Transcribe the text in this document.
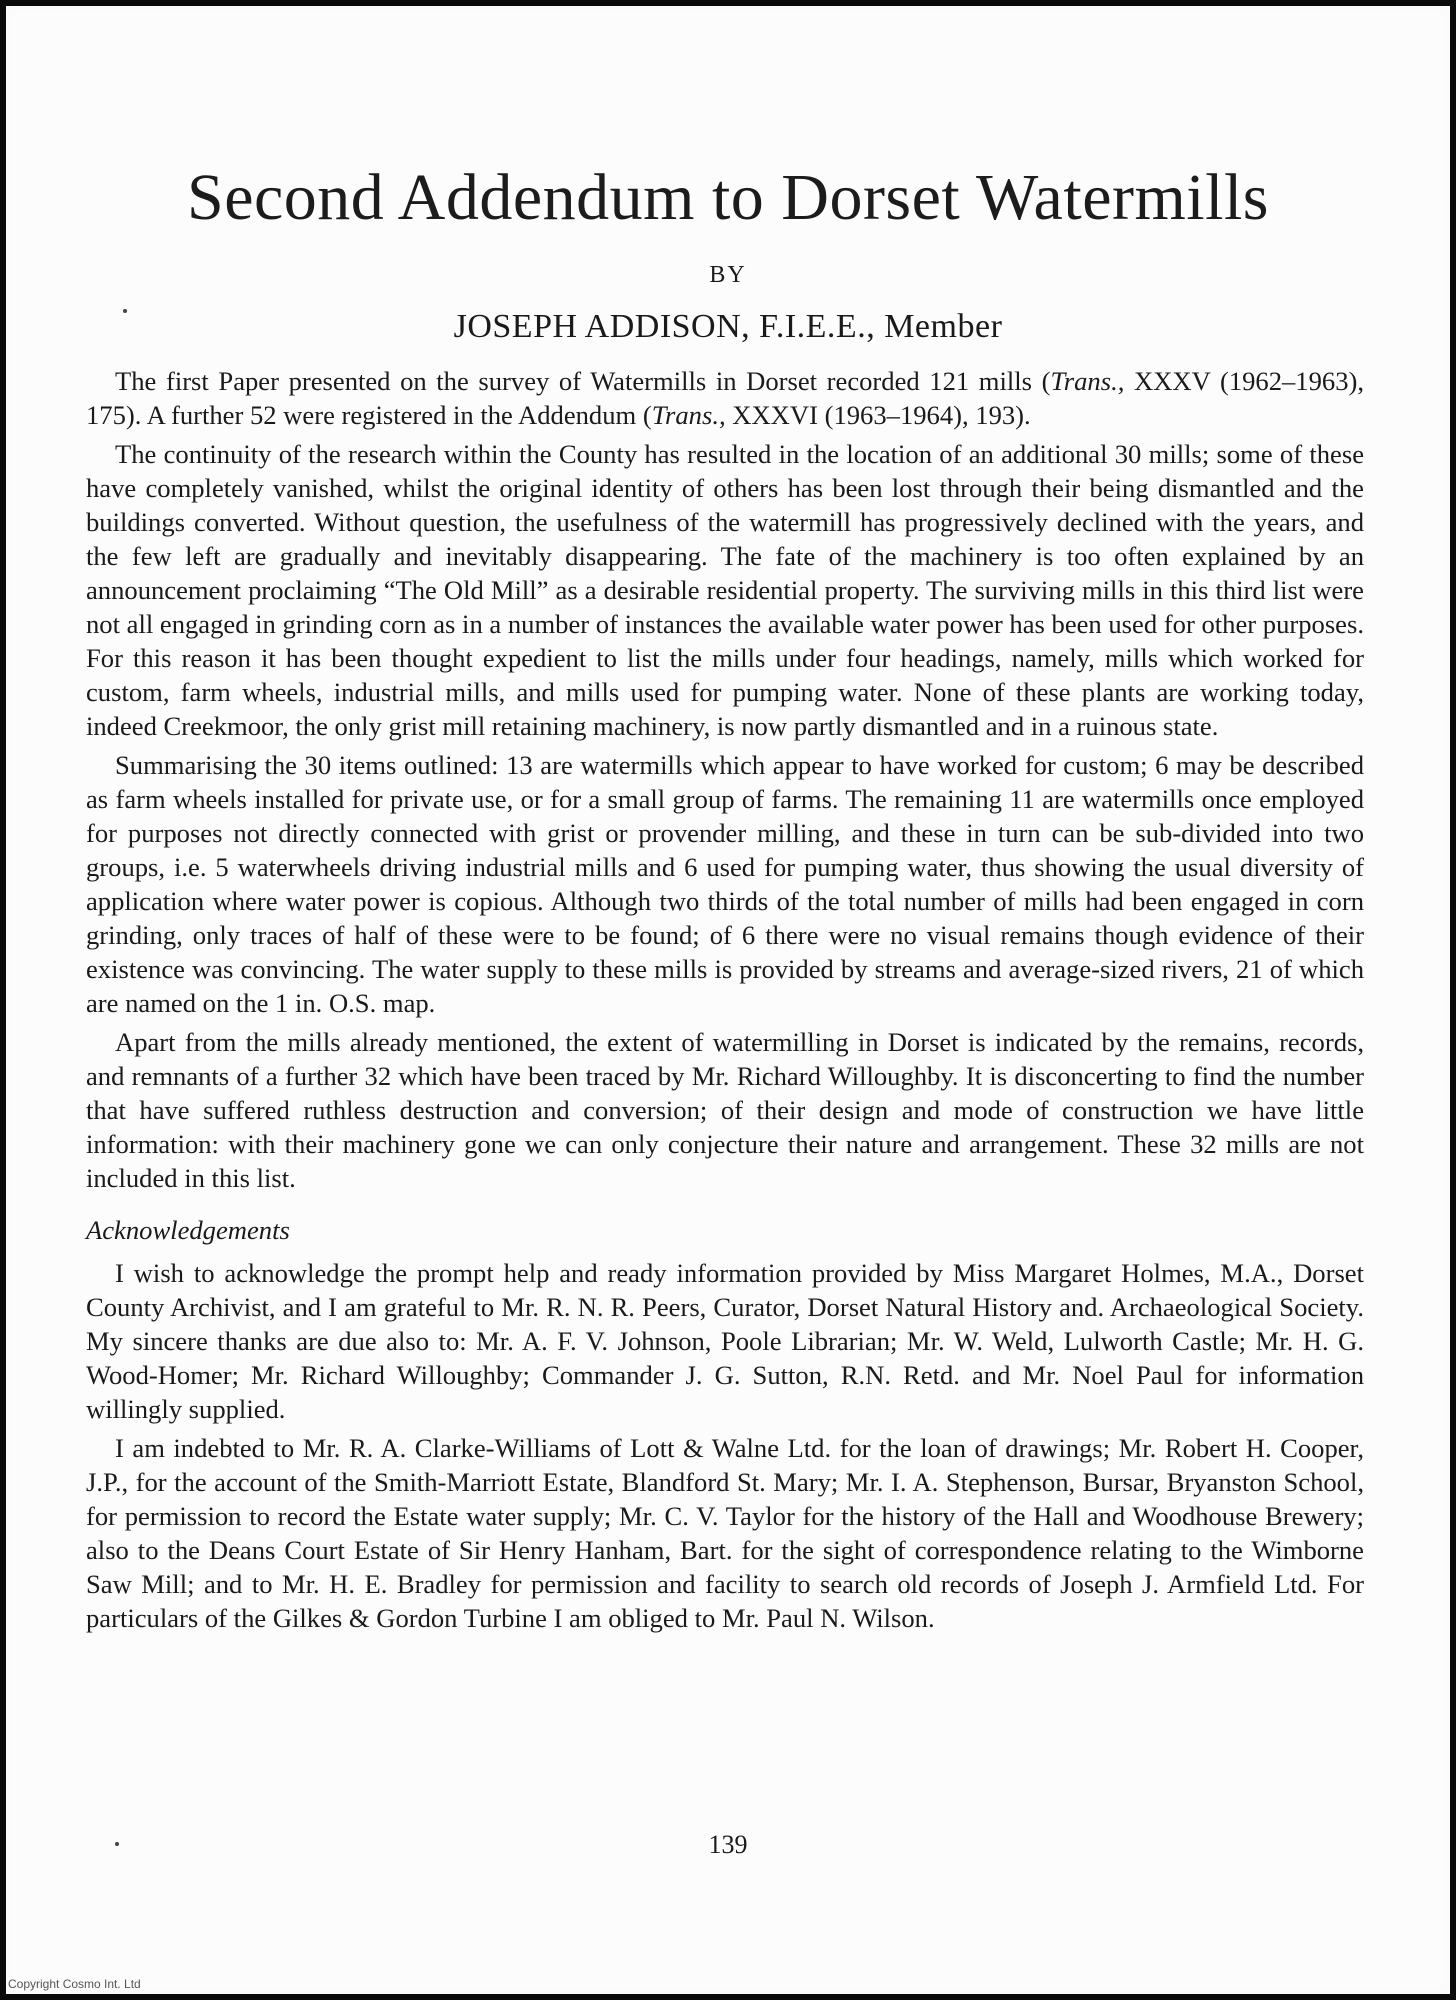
Second Addendum to Dorset Watermills
BY
JOSEPH ADDISON, F.I.E.E., Member

The first Paper presented on the survey of Watermills in Dorset recorded 121 mills (Trans., XXXV (1962–1963), 175). A further 52 were registered in the Addendum (Trans., XXXVI (1963–1964), 193).

The continuity of the research within the County has resulted in the location of an additional 30 mills; some of these have completely vanished, whilst the original identity of others has been lost through their being dismantled and the buildings converted. Without question, the usefulness of the watermill has progressively declined with the years, and the few left are gradually and inevitably disappearing. The fate of the machinery is too often explained by an announcement proclaiming “The Old Mill” as a desirable residential property. The surviving mills in this third list were not all engaged in grinding corn as in a number of instances the available water power has been used for other purposes. For this reason it has been thought expedient to list the mills under four headings, namely, mills which worked for custom, farm wheels, industrial mills, and mills used for pumping water. None of these plants are working today, indeed Creekmoor, the only grist mill retaining machinery, is now partly dismantled and in a ruinous state.

Summarising the 30 items outlined: 13 are watermills which appear to have worked for custom; 6 may be described as farm wheels installed for private use, or for a small group of farms. The remaining 11 are watermills once employed for purposes not directly connected with grist or provender milling, and these in turn can be sub-divided into two groups, i.e. 5 waterwheels driving industrial mills and 6 used for pumping water, thus showing the usual diversity of application where water power is copious. Although two thirds of the total number of mills had been engaged in corn grinding, only traces of half of these were to be found; of 6 there were no visual remains though evidence of their existence was convincing. The water supply to these mills is provided by streams and average-sized rivers, 21 of which are named on the 1 in. O.S. map.

Apart from the mills already mentioned, the extent of watermilling in Dorset is indicated by the remains, records, and remnants of a further 32 which have been traced by Mr. Richard Willoughby. It is disconcerting to find the number that have suffered ruthless destruction and conversion; of their design and mode of construction we have little information: with their machinery gone we can only conjecture their nature and arrangement. These 32 mills are not included in this list.

Acknowledgements

I wish to acknowledge the prompt help and ready information provided by Miss Margaret Holmes, M.A., Dorset County Archivist, and I am grateful to Mr. R. N. R. Peers, Curator, Dorset Natural History and. Archaeological Society. My sincere thanks are due also to: Mr. A. F. V. Johnson, Poole Librarian; Mr. W. Weld, Lulworth Castle; Mr. H. G. Wood-Homer; Mr. Richard Willoughby; Commander J. G. Sutton, R.N. Retd. and Mr. Noel Paul for information willingly supplied.

I am indebted to Mr. R. A. Clarke-Williams of Lott & Walne Ltd. for the loan of drawings; Mr. Robert H. Cooper, J.P., for the account of the Smith-Marriott Estate, Blandford St. Mary; Mr. I. A. Stephenson, Bursar, Bryanston School, for permission to record the Estate water supply; Mr. C. V. Taylor for the history of the Hall and Woodhouse Brewery; also to the Deans Court Estate of Sir Henry Hanham, Bart. for the sight of correspondence relating to the Wimborne Saw Mill; and to Mr. H. E. Bradley for permission and facility to search old records of Joseph J. Armfield Ltd. For particulars of the Gilkes & Gordon Turbine I am obliged to Mr. Paul N. Wilson.

139
Copyright Cosmo Int. Ltd
